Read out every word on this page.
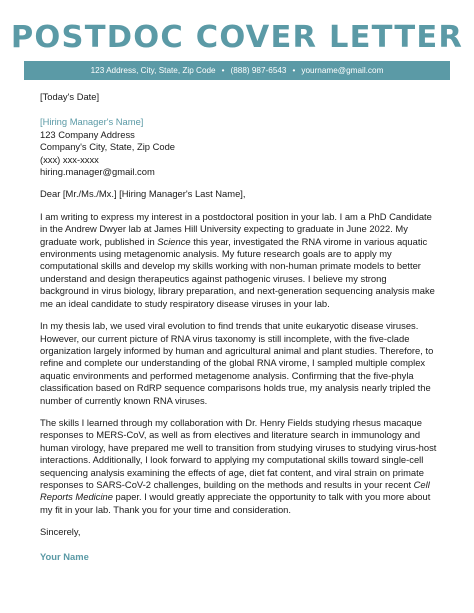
POSTDOC COVER LETTER
123 Address, City, State, Zip Code • (888) 987-6543 • yourname@gmail.com

[Today's Date]

[Hiring Manager's Name]

123 Company Address

Company's City, State, Zip Code

(xxx) xxx-xxxx

hiring.manager@gmail.com

Dear [Mr./Ms./Mx.] [Hiring Manager's Last Name],

I am writing to express my interest in a postdoctoral position in your lab. I am a PhD Candidate in the Andrew Dwyer lab at James Hill University expecting to graduate in June 2022. My graduate work, published in Science this year, investigated the RNA virome in various aquatic environments using metagenomic analysis. My future research goals are to apply my computational skills and develop my skills working with non-human primate models to better understand and design therapeutics against pathogenic viruses. I believe my strong background in virus biology, library preparation, and next-generation sequencing analysis make me an ideal candidate to study respiratory disease viruses in your lab.

In my thesis lab, we used viral evolution to find trends that unite eukaryotic disease viruses. However, our current picture of RNA virus taxonomy is still incomplete, with the five-clade organization largely informed by human and agricultural animal and plant studies. Therefore, to refine and complete our understanding of the global RNA virome, I sampled multiple complex aquatic environments and performed metagenome analysis. Confirming that the five-phyla classification based on RdRP sequence comparisons holds true, my analysis nearly tripled the number of currently known RNA viruses.

The skills I learned through my collaboration with Dr. Henry Fields studying rhesus macaque responses to MERS-CoV, as well as from electives and literature search in immunology and human virology, have prepared me well to transition from studying viruses to studying virus-host interactions. Additionally, I look forward to applying my computational skills toward single-cell sequencing analysis examining the effects of age, diet fat content, and viral strain on primate responses to SARS-CoV-2 challenges, building on the methods and results in your recent Cell Reports Medicine paper. I would greatly appreciate the opportunity to talk with you more about my fit in your lab. Thank you for your time and consideration.

Sincerely,

Your Name
